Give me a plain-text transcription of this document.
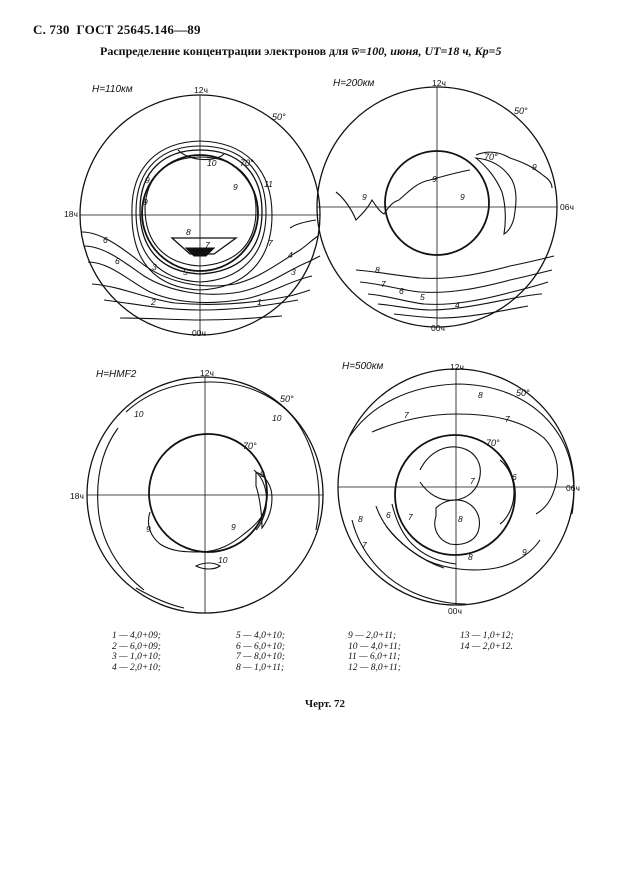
С. 730 ГОСТ 25645.146—89
Распределение концентрации электронов для w̅=100, июня, UT=18 ч, Kp=5
H=110км	12ч
18ч
00ч
50°
70°
9
10
9
9
8
7
11
7
6
5
6
4
3	3
2	1
H=200км	12ч
06ч
00ч
50°
70°
9
9
9	9
8
7
6
5
4
H=HMF2	12ч
18ч
50°
70°
10	10
9
9	9
10
H=500км	12ч
06ч
00ч
50°
70°
8
7	7
7	6
6 7	8
8
7
8	9
1 — 4,0+09;
2 — 6,0+09;
3 — 1,0+10;
4 — 2,0+10;
5 — 4,0+10;
6 — 6,0+10;
7 — 8,0+10;
8 — 1,0+11;
9 — 2,0+11;
10 — 4,0+11;
11 — 6,0+11;
12 — 8,0+11;
13 — 1,0+12;
14 — 2,0+12.
Черт. 72
